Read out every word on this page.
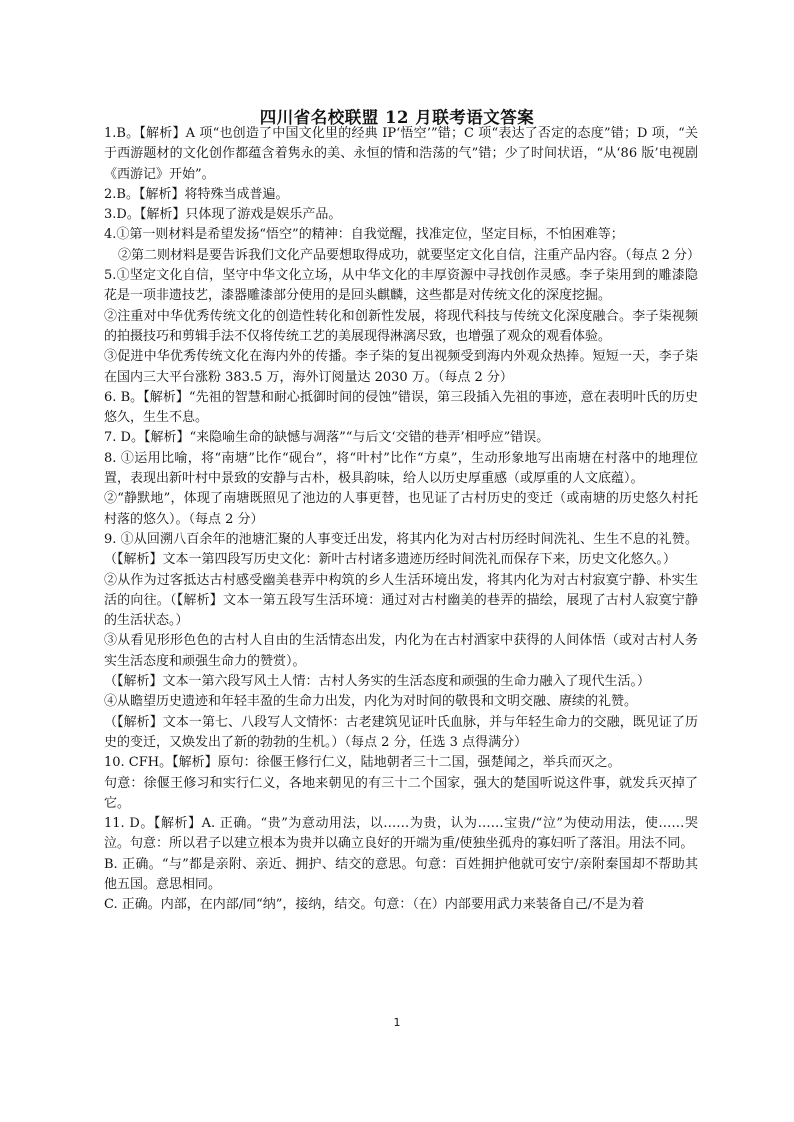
四川省名校联盟 12 月联考语文答案

1.B。【解析】A 项“也创造了中国文化里的经典 IP‘悟空’”错；C 项“表达了否定的态度”错；D 项，“关于西游题材的文化创作都蕴含着隽永的美、永恒的情和浩荡的气”错；少了时间状语，“从‘86 版’电视剧《西游记》开始”。

2.B。【解析】将特殊当成普遍。

3.D。【解析】只体现了游戏是娱乐产品。

4.①第一则材料是希望发扬“悟空”的精神：自我觉醒，找准定位，坚定目标，不怕困难等；

②第二则材料是要告诉我们文化产品要想取得成功，就要坚定文化自信，注重产品内容。（每点 2 分）

5.①坚定文化自信，坚守中华文化立场，从中华文化的丰厚资源中寻找创作灵感。李子柒用到的雕漆隐花是一项非遗技艺，漆器雕漆部分使用的是回头麒麟，这些都是对传统文化的深度挖掘。

②注重对中华优秀传统文化的创造性转化和创新性发展，将现代科技与传统文化深度融合。李子柒视频的拍摄技巧和剪辑手法不仅将传统工艺的美展现得淋漓尽致，也增强了观众的观看体验。

③促进中华优秀传统文化在海内外的传播。李子柒的复出视频受到海内外观众热捧。短短一天，李子柒在国内三大平台涨粉 383.5 万，海外订阅量达 2030 万。（每点 2 分）

6. B。【解析】“先祖的智慧和耐心抵御时间的侵蚀”错误，第三段插入先祖的事迹，意在表明叶氏的历史悠久，生生不息。

7. D。【解析】“来隐喻生命的缺憾与凋落”“与后文‘交错的巷弄’相呼应”错误。

8. ①运用比喻，将“南塘”比作“砚台”，将“叶村”比作“方桌”，生动形象地写出南塘在村落中的地理位置，表现出新叶村中景致的安静与古朴，极具韵味，给人以历史厚重感（或厚重的人文底蕴）。

②“静默地”，体现了南塘既照见了池边的人事更替，也见证了古村历史的变迁（或南塘的历史悠久村托村落的悠久）。（每点 2 分）

9. ①从回溯八百余年的池塘汇聚的人事变迁出发，将其内化为对古村历经时间洗礼、生生不息的礼赞。（【解析】文本一第四段写历史文化：新叶古村诸多遗迹历经时间洗礼而保存下来，历史文化悠久。）

②从作为过客抵达古村感受幽美巷弄中构筑的乡人生活环境出发，将其内化为对古村寂寞宁静、朴实生活的向往。（【解析】文本一第五段写生活环境：通过对古村幽美的巷弄的描绘，展现了古村人寂寞宁静的生活状态。）

③从看见形形色色的古村人自由的生活情态出发，内化为在古村酒家中获得的人间体悟（或对古村人务实生活态度和顽强生命力的赞赏）。

（【解析】文本一第六段写风土人情：古村人务实的生活态度和顽强的生命力融入了现代生活。）

④从瞻望历史遗迹和年轻丰盈的生命力出发，内化为对时间的敬畏和文明交融、赓续的礼赞。

（【解析】文本一第七、八段写人文情怀：古老建筑见证叶氏血脉，并与年轻生命力的交融，既见证了历史的变迁，又焕发出了新的勃勃的生机。）（每点 2 分，任选 3 点得满分）

10. CFH。【解析】原句：徐偃王修行仁义，陆地朝者三十二国，强楚闻之，举兵而灭之。

句意：徐偃王修习和实行仁义，各地来朝见的有三十二个国家，强大的楚国听说这件事，就发兵灭掉了它。

11. D。【解析】A. 正确。“贵”为意动用法，以……为贵，认为……宝贵/“泣”为使动用法，使……哭泣。句意：所以君子以建立根本为贵并以确立良好的开端为重/使独坐孤舟的寡妇听了落泪。用法不同。

B. 正确。“与”都是亲附、亲近、拥护、结交的意思。句意：百姓拥护他就可安宁/亲附秦国却不帮助其他五国。意思相同。

C. 正确。内部，在内部/同“纳”，接纳，结交。句意：（在）内部要用武力来装备自己/不是为着

1
